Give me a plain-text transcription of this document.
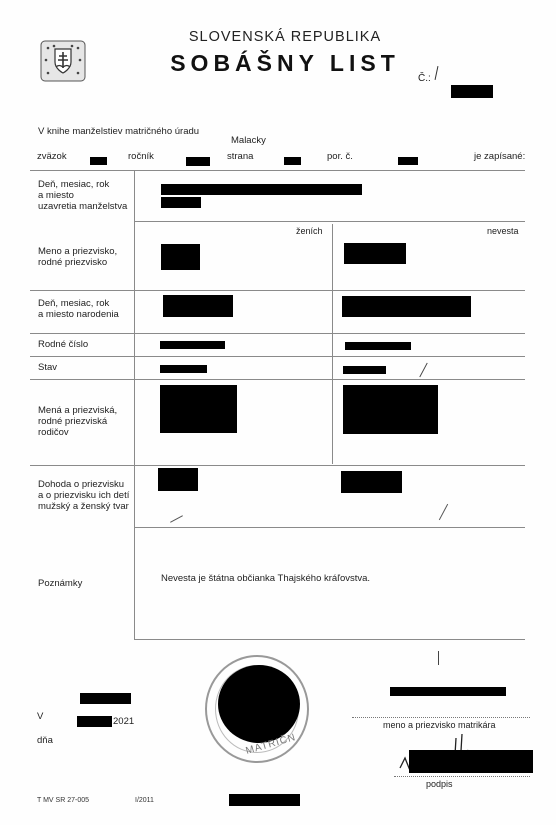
SLOVENSKÁ REPUBLIKA
SOBÁŠNY LIST
Č.:
V knihe manželstiev matričného úradu
Malacky
zväzok	ročník	strana	por. č.	je zapísané:
Deň, mesiac, rok
a miesto
uzavretia manželstva
ženích	nevesta
Meno a priezvisko,
rodné priezvisko
Deň, mesiac, rok
a miesto narodenia
Rodné číslo
Stav
Mená a priezviská,
rodné priezviská
rodičov
Dohoda o priezvisku
a o priezvisku ich detí
mužský a ženský tvar
Poznámky	Nevesta je štátna občianka Thajského kráľovstva.
V	2021
dňa	MATRIČN
meno a priezvisko matrikára
podpis
T MV SR 27-005	I/2011
